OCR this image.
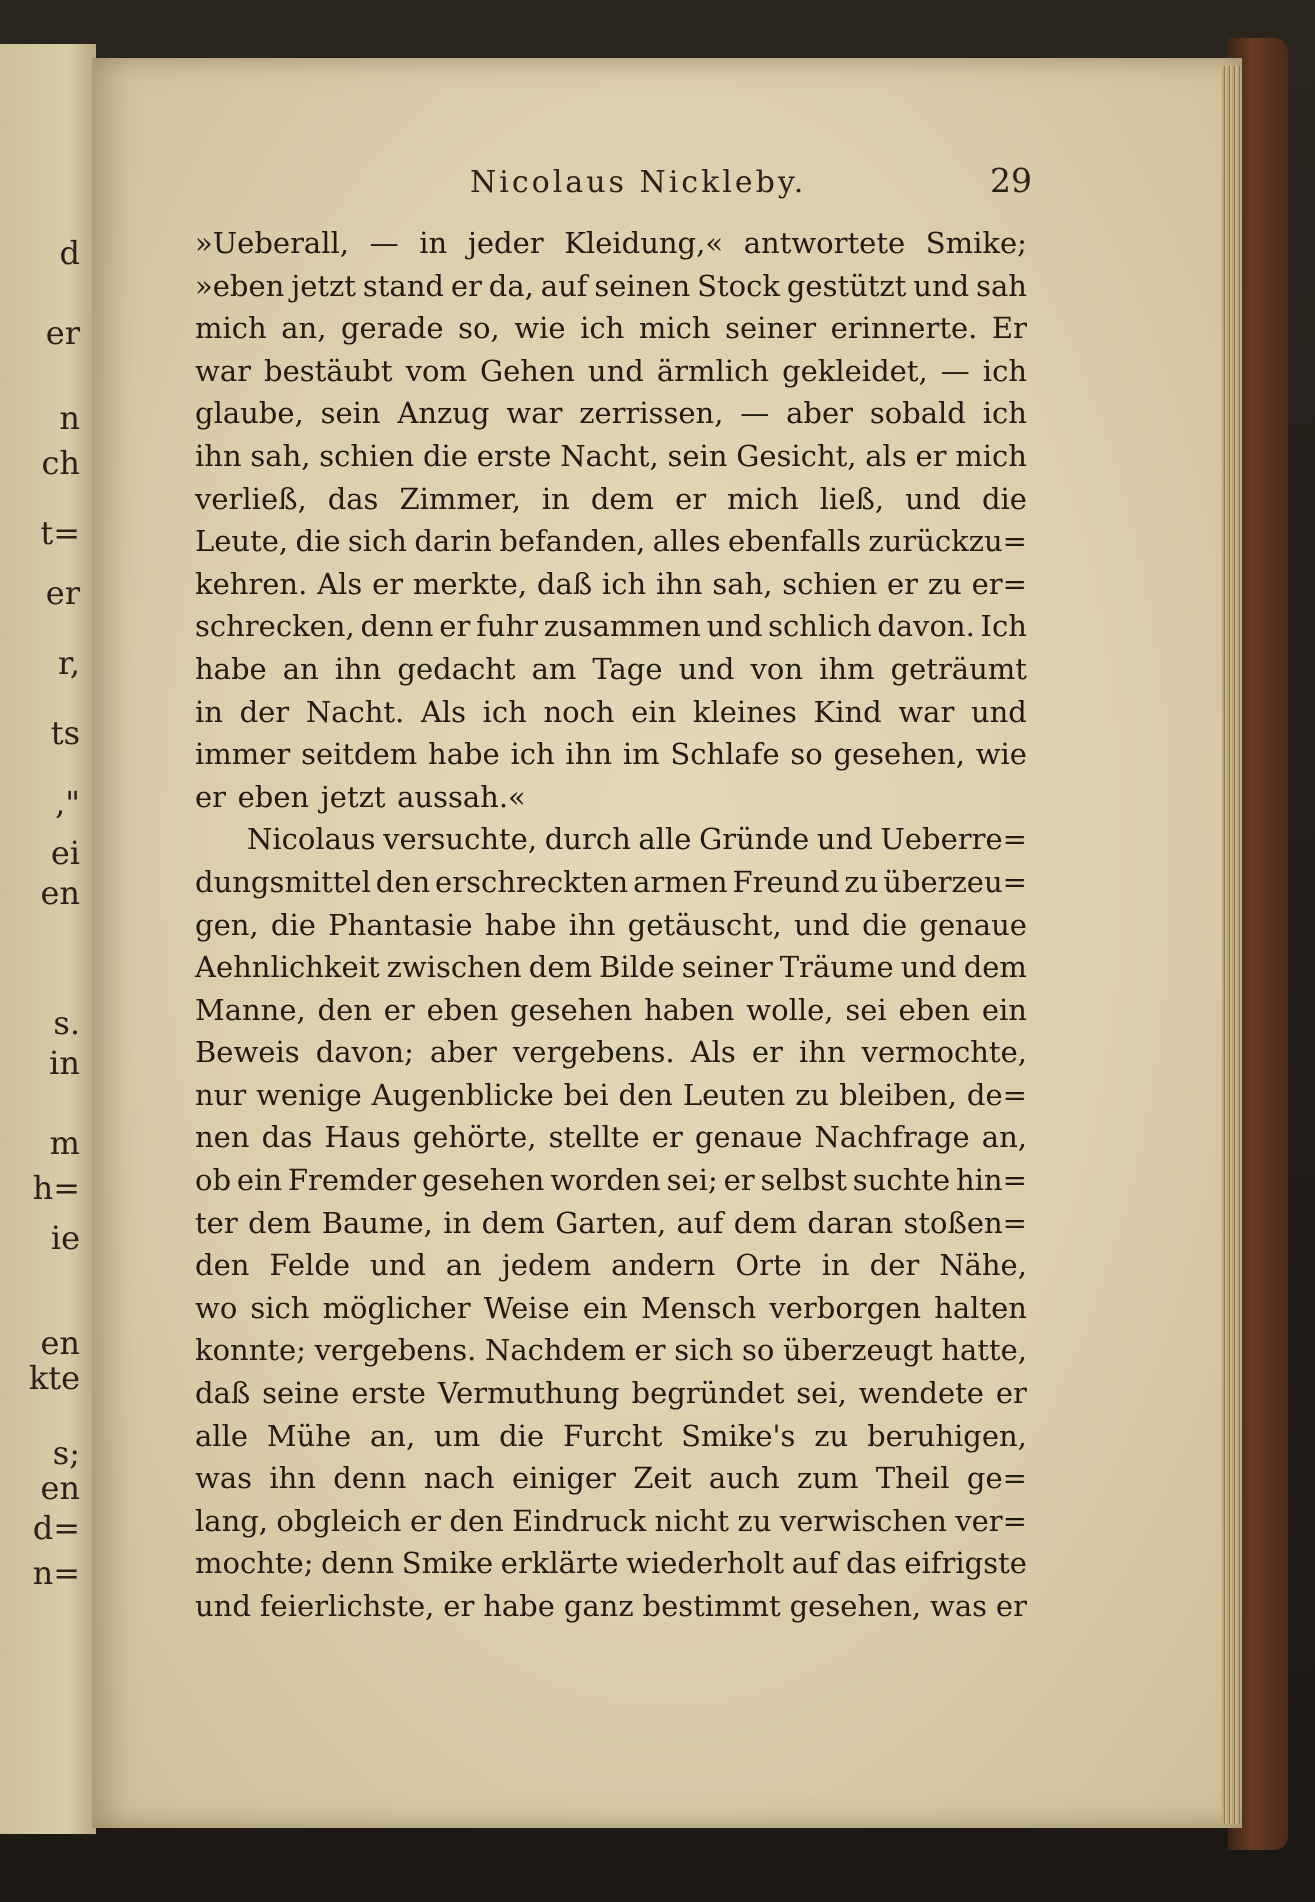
d
er
n
ch
t=
er
r,
ts
,"
ei
en
s.
in
m
h=
ie
en
kte
s;
en
d=
n=
Nicolaus Nickleby.	29
»Ueberall, — in jeder Kleidung,« antwortete Smike;
»eben jetzt stand er da, auf seinen Stock gestützt und sah
mich an, gerade so, wie ich mich seiner erinnerte. Er
war bestäubt vom Gehen und ärmlich gekleidet, — ich
glaube, sein Anzug war zerrissen, — aber sobald ich
ihn sah, schien die erste Nacht, sein Gesicht, als er mich
verließ, das Zimmer, in dem er mich ließ, und die
Leute, die sich darin befanden, alles ebenfalls zurückzu=
kehren. Als er merkte, daß ich ihn sah, schien er zu er=
schrecken, denn er fuhr zusammen und schlich davon. Ich
habe an ihn gedacht am Tage und von ihm geträumt
in der Nacht. Als ich noch ein kleines Kind war und
immer seitdem habe ich ihn im Schlafe so gesehen, wie
er eben jetzt aussah.«
Nicolaus versuchte, durch alle Gründe und Ueberre=
dungsmittel den erschreckten armen Freund zu überzeu=
gen, die Phantasie habe ihn getäuscht, und die genaue
Aehnlichkeit zwischen dem Bilde seiner Träume und dem
Manne, den er eben gesehen haben wolle, sei eben ein
Beweis davon; aber vergebens. Als er ihn vermochte,
nur wenige Augenblicke bei den Leuten zu bleiben, de=
nen das Haus gehörte, stellte er genaue Nachfrage an,
ob ein Fremder gesehen worden sei; er selbst suchte hin=
ter dem Baume, in dem Garten, auf dem daran stoßen=
den Felde und an jedem andern Orte in der Nähe,
wo sich möglicher Weise ein Mensch verborgen halten
konnte; vergebens. Nachdem er sich so überzeugt hatte,
daß seine erste Vermuthung begründet sei, wendete er
alle Mühe an, um die Furcht Smike's zu beruhigen,
was ihn denn nach einiger Zeit auch zum Theil ge=
lang, obgleich er den Eindruck nicht zu verwischen ver=
mochte; denn Smike erklärte wiederholt auf das eifrigste
und feierlichste, er habe ganz bestimmt gesehen, was er
